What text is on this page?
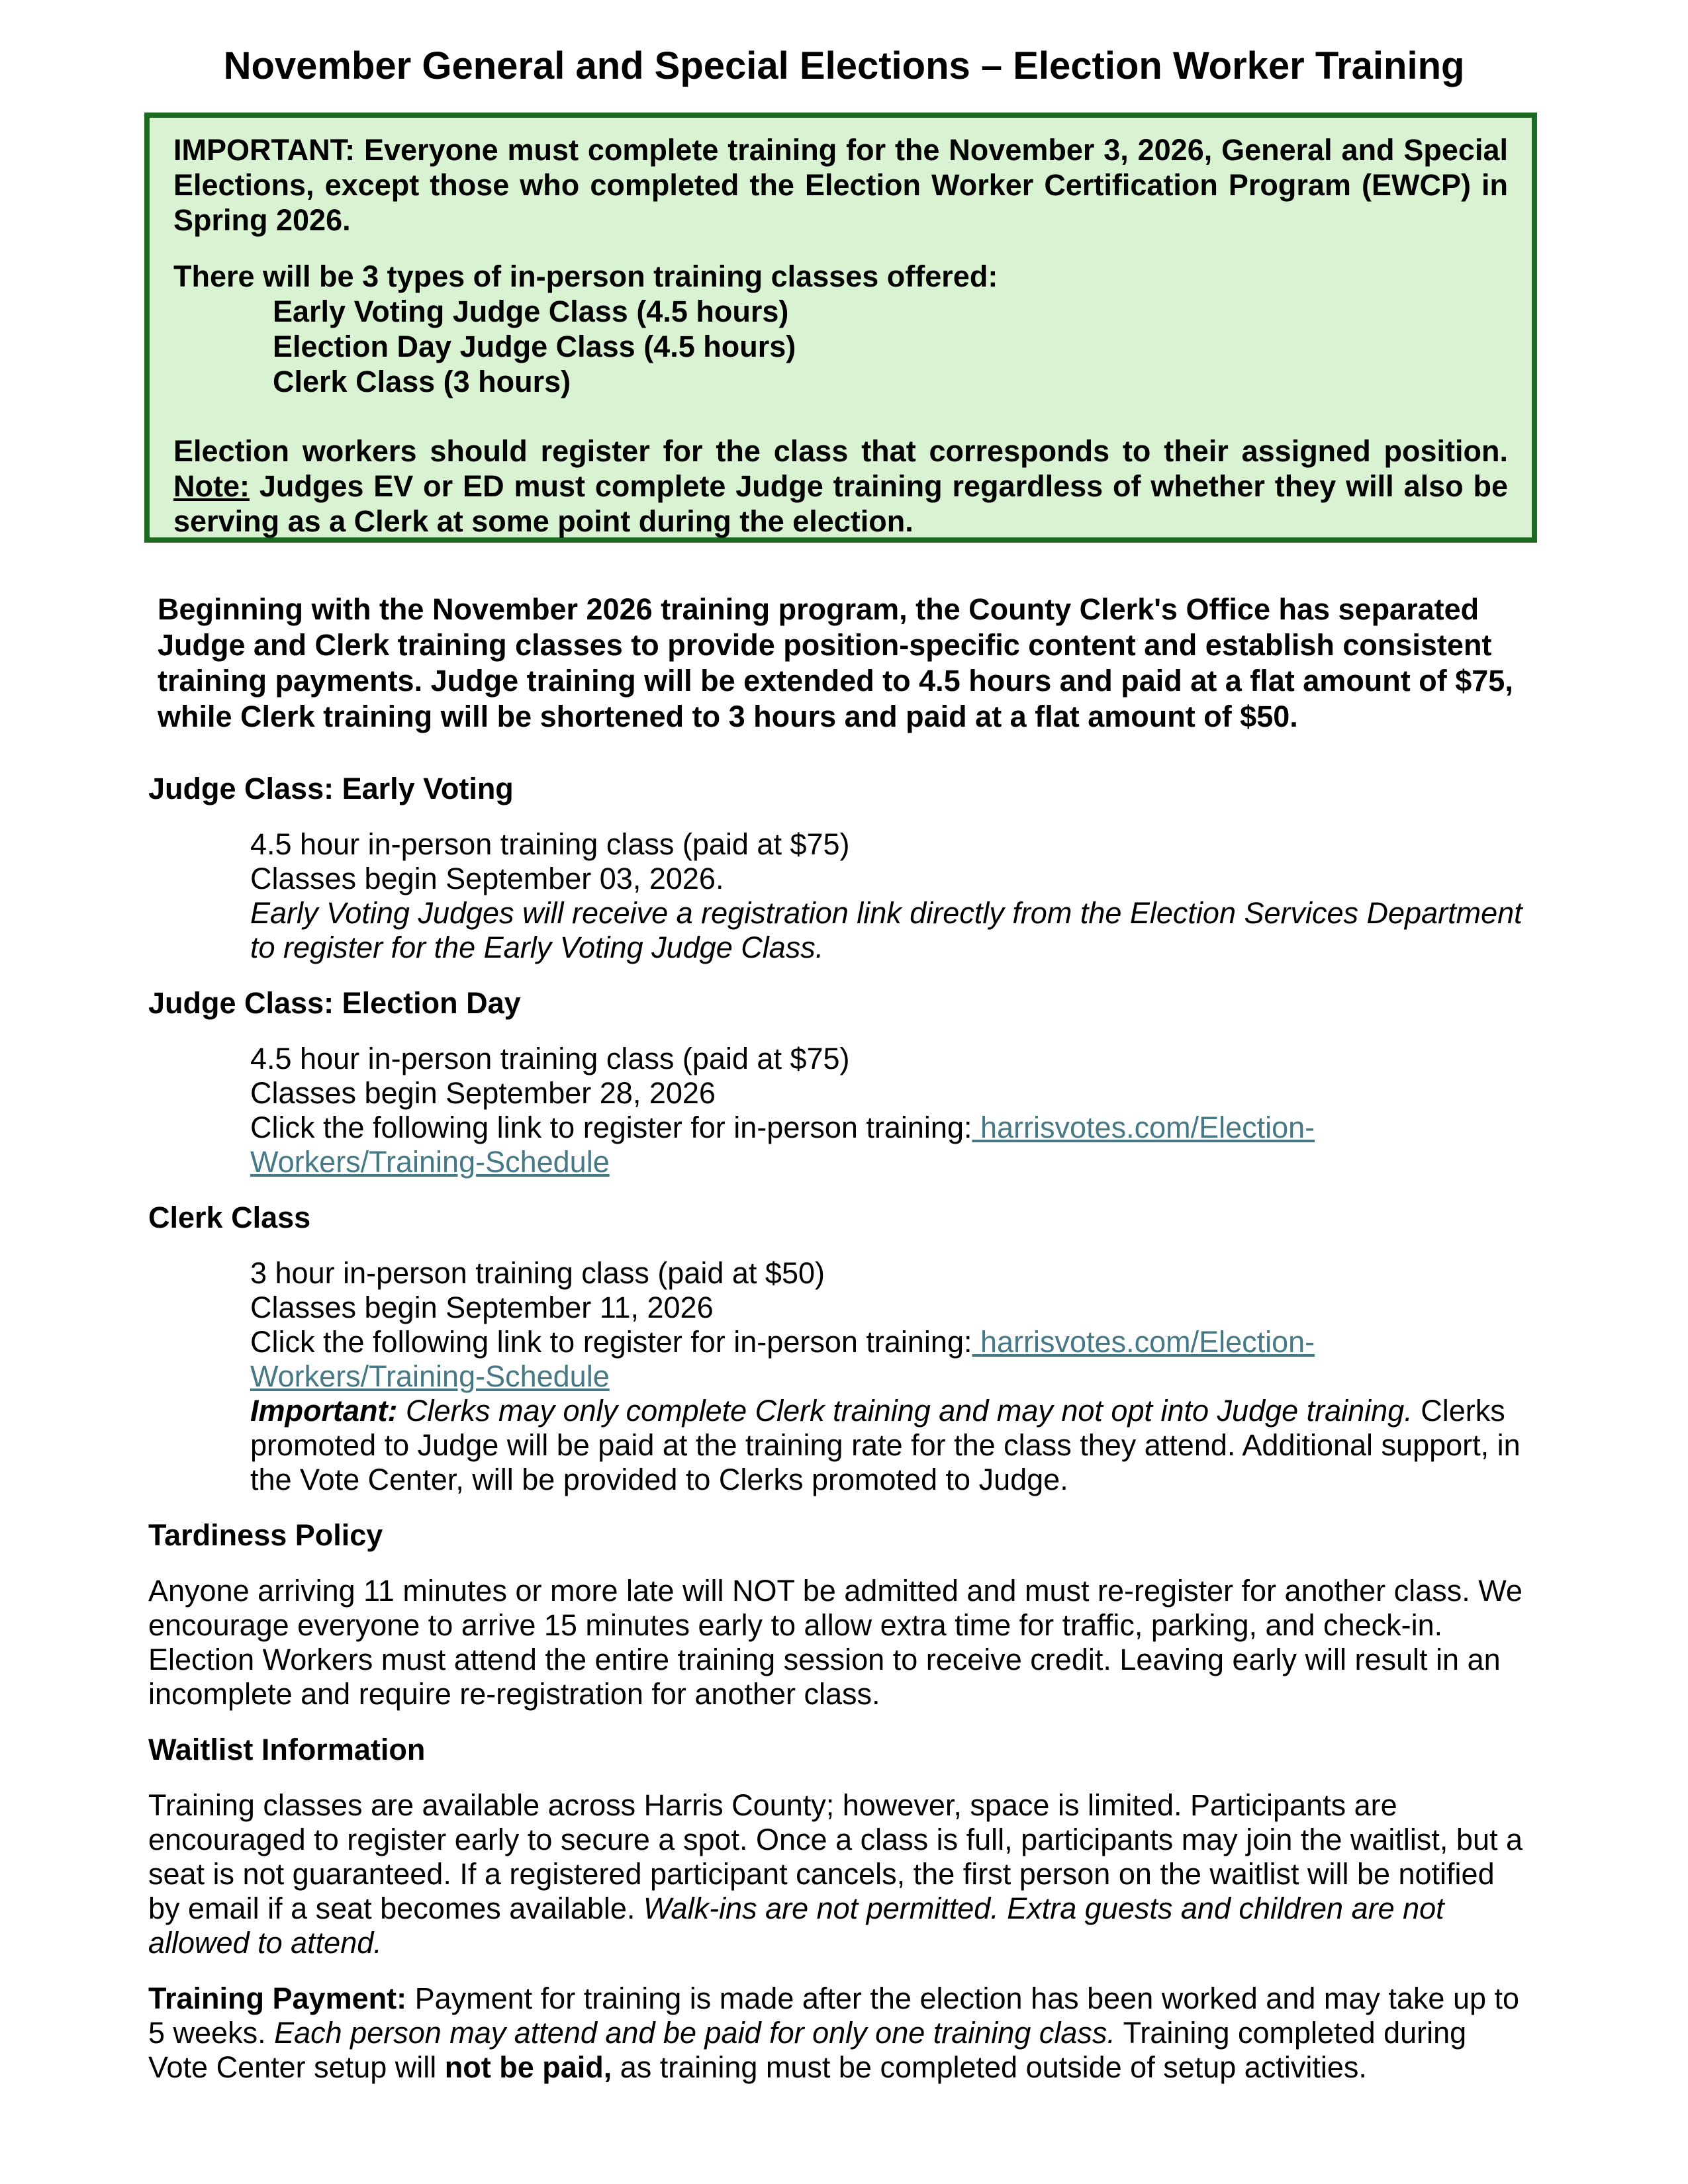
November General and Special Elections – Election Worker Training

IMPORTANT: Everyone must complete training for the November 3, 2026, General and Special Elections, except those who completed the Election Worker Certification Program (EWCP) in Spring 2026.

There will be 3 types of in-person training classes offered:

Early Voting Judge Class (4.5 hours)
Election Day Judge Class (4.5 hours)
Clerk Class (3 hours)

Election workers should register for the class that corresponds to their assigned position. Note: Judges EV or ED must complete Judge training regardless of whether they will also be serving as a Clerk at some point during the election.

Beginning with the November 2026 training program, the County Clerk's Office has separated Judge and Clerk training classes to provide position-specific content and establish consistent training payments. Judge training will be extended to 4.5 hours and paid at a flat amount of $75, while Clerk training will be shortened to 3 hours and paid at a flat amount of $50.

Judge Class: Early Voting
4.5 hour in-person training class (paid at $75)
Classes begin September 03, 2026.
Early Voting Judges will receive a registration link directly from the Election Services Department to register for the Early Voting Judge Class.
Judge Class: Election Day
4.5 hour in-person training class (paid at $75)
Classes begin September 28, 2026
Click the following link to register for in-person training: harrisvotes.com/Election-Workers/Training-Schedule
Clerk Class
3 hour in-person training class (paid at $50)
Classes begin September 11, 2026
Click the following link to register for in-person training: harrisvotes.com/Election-Workers/Training-Schedule
Important: Clerks may only complete Clerk training and may not opt into Judge training. Clerks promoted to Judge will be paid at the training rate for the class they attend. Additional support, in the Vote Center, will be provided to Clerks promoted to Judge.
Tardiness Policy

Anyone arriving 11 minutes or more late will NOT be admitted and must re-register for another class. We encourage everyone to arrive 15 minutes early to allow extra time for traffic, parking, and check-in. Election Workers must attend the entire training session to receive credit. Leaving early will result in an incomplete and require re-registration for another class.

Waitlist Information

Training classes are available across Harris County; however, space is limited. Participants are encouraged to register early to secure a spot. Once a class is full, participants may join the waitlist, but a seat is not guaranteed. If a registered participant cancels, the first person on the waitlist will be notified by email if a seat becomes available. Walk-ins are not permitted. Extra guests and children are not allowed to attend.

Training Payment: Payment for training is made after the election has been worked and may take up to 5 weeks. Each person may attend and be paid for only one training class. Training completed during Vote Center setup will not be paid, as training must be completed outside of setup activities.
